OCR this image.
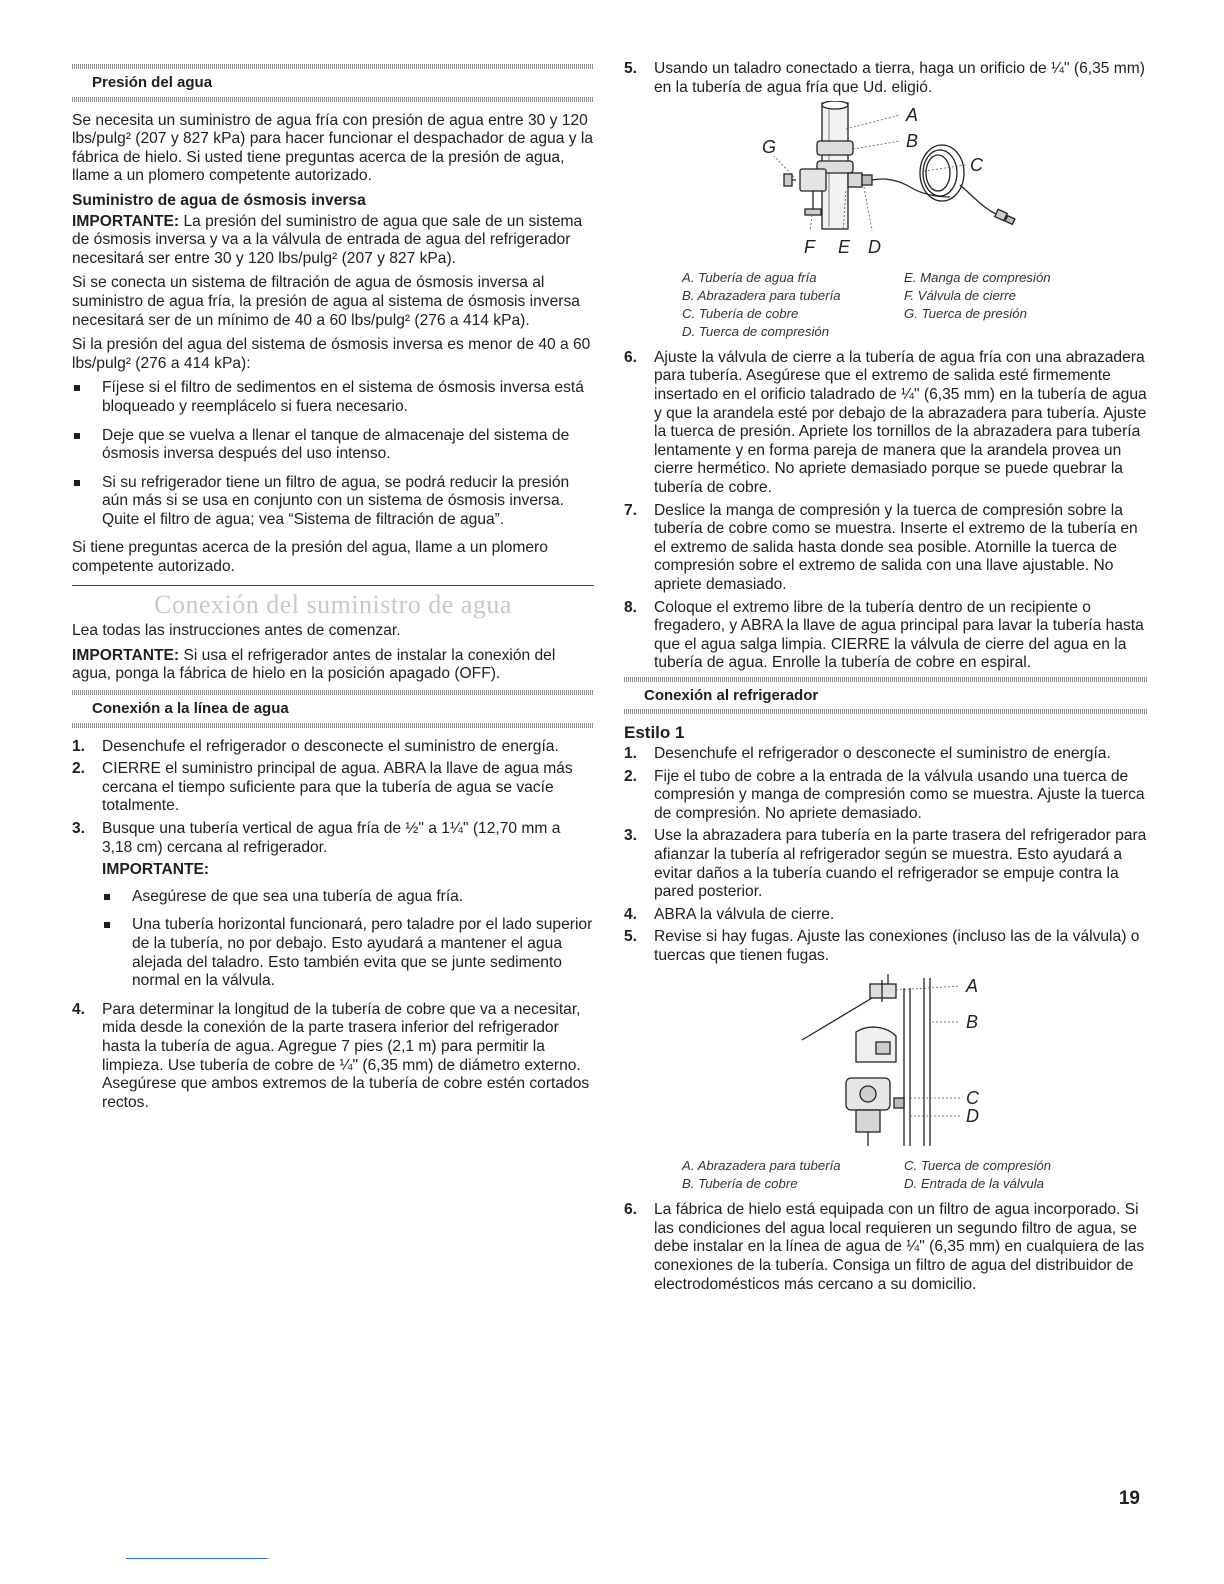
Presión del agua

Se necesita un suministro de agua fría con presión de agua entre 30 y 120 lbs/pulg² (207 y 827 kPa) para hacer funcionar el despachador de agua y la fábrica de hielo. Si usted tiene preguntas acerca de la presión de agua, llame a un plomero competente autorizado.

Suministro de agua de ósmosis inversa

IMPORTANTE: La presión del suministro de agua que sale de un sistema de ósmosis inversa y va a la válvula de entrada de agua del refrigerador necesitará ser entre 30 y 120 lbs/pulg² (207 y 827 kPa).

Si se conecta un sistema de filtración de agua de ósmosis inversa al suministro de agua fría, la presión de agua al sistema de ósmosis inversa necesitará ser de un mínimo de 40 a 60 lbs/pulg² (276 a 414 kPa).

Si la presión del agua del sistema de ósmosis inversa es menor de 40 a 60 lbs/pulg² (276 a 414 kPa):

Fíjese si el filtro de sedimentos en el sistema de ósmosis inversa está bloqueado y reemplácelo si fuera necesario.
Deje que se vuelva a llenar el tanque de almacenaje del sistema de ósmosis inversa después del uso intenso.
Si su refrigerador tiene un filtro de agua, se podrá reducir la presión aún más si se usa en conjunto con un sistema de ósmosis inversa. Quite el filtro de agua; vea “Sistema de filtración de agua”.

Si tiene preguntas acerca de la presión del agua, llame a un plomero competente autorizado.

Conexión del suministro de agua

Lea todas las instrucciones antes de comenzar.

IMPORTANTE: Si usa el refrigerador antes de instalar la conexión del agua, ponga la fábrica de hielo en la posición apagado (OFF).

Conexión a la línea de agua
1. Desenchufe el refrigerador o desconecte el suministro de energía.
2. CIERRE el suministro principal de agua. ABRA la llave de agua más cercana el tiempo suficiente para que la tubería de agua se vacíe totalmente.
3. Busque una tubería vertical de agua fría de ½" a 1¼" (12,70 mm a 3,18 cm) cercana al refrigerador.
IMPORTANTE:
Asegúrese de que sea una tubería de agua fría.
Una tubería horizontal funcionará, pero taladre por el lado superior de la tubería, no por debajo. Esto ayudará a mantener el agua alejada del taladro. Esto también evita que se junte sedimento normal en la válvula.
4. Para determinar la longitud de la tubería de cobre que va a necesitar, mida desde la conexión de la parte trasera inferior del refrigerador hasta la tubería de agua. Agregue 7 pies (2,1 m) para permitir la limpieza. Use tubería de cobre de ¼" (6,35 mm) de diámetro externo. Asegúrese que ambos extremos de la tubería de cobre estén cortados rectos.
5. Usando un taladro conectado a tierra, haga un orificio de ¼" (6,35 mm) en la tubería de agua fría que Ud. eligió.
A
B
C
D
E
F
G
A. Tubería de agua fría
B. Abrazadera para tubería
C. Tubería de cobre
D. Tuerca de compresión
E. Manga de compresión
F. Válvula de cierre
G. Tuerca de presión
6. Ajuste la válvula de cierre a la tubería de agua fría con una abrazadera para tubería. Asegúrese que el extremo de salida esté firmemente insertado en el orificio taladrado de ¼" (6,35 mm) en la tubería de agua y que la arandela esté por debajo de la abrazadera para tubería. Ajuste la tuerca de presión. Apriete los tornillos de la abrazadera para tubería lentamente y en forma pareja de manera que la arandela provea un cierre hermético. No apriete demasiado porque se puede quebrar la tubería de cobre.
7. Deslice la manga de compresión y la tuerca de compresión sobre la tubería de cobre como se muestra. Inserte el extremo de la tubería en el extremo de salida hasta donde sea posible. Atornille la tuerca de compresión sobre el extremo de salida con una llave ajustable. No apriete demasiado.
8. Coloque el extremo libre de la tubería dentro de un recipiente o fregadero, y ABRA la llave de agua principal para lavar la tubería hasta que el agua salga limpia. CIERRE la válvula de cierre del agua en la tubería de agua. Enrolle la tubería de cobre en espiral.
Conexión al refrigerador
Estilo 1
1. Desenchufe el refrigerador o desconecte el suministro de energía.
2. Fije el tubo de cobre a la entrada de la válvula usando una tuerca de compresión y manga de compresión como se muestra. Ajuste la tuerca de compresión. No apriete demasiado.
3. Use la abrazadera para tubería en la parte trasera del refrigerador para afianzar la tubería al refrigerador según se muestra. Esto ayudará a evitar daños a la tubería cuando el refrigerador se empuje contra la pared posterior.
4. ABRA la válvula de cierre.
5. Revise si hay fugas. Ajuste las conexiones (incluso las de la válvula) o tuercas que tienen fugas.
A
B
C
D
A. Abrazadera para tubería
B. Tubería de cobre
C. Tuerca de compresión
D. Entrada de la válvula
6. La fábrica de hielo está equipada con un filtro de agua incorporado. Si las condiciones del agua local requieren un segundo filtro de agua, se debe instalar en la línea de agua de ¼" (6,35 mm) en cualquiera de las conexiones de la tubería. Consiga un filtro de agua del distribuidor de electrodomésticos más cercano a su domicilio.
19
